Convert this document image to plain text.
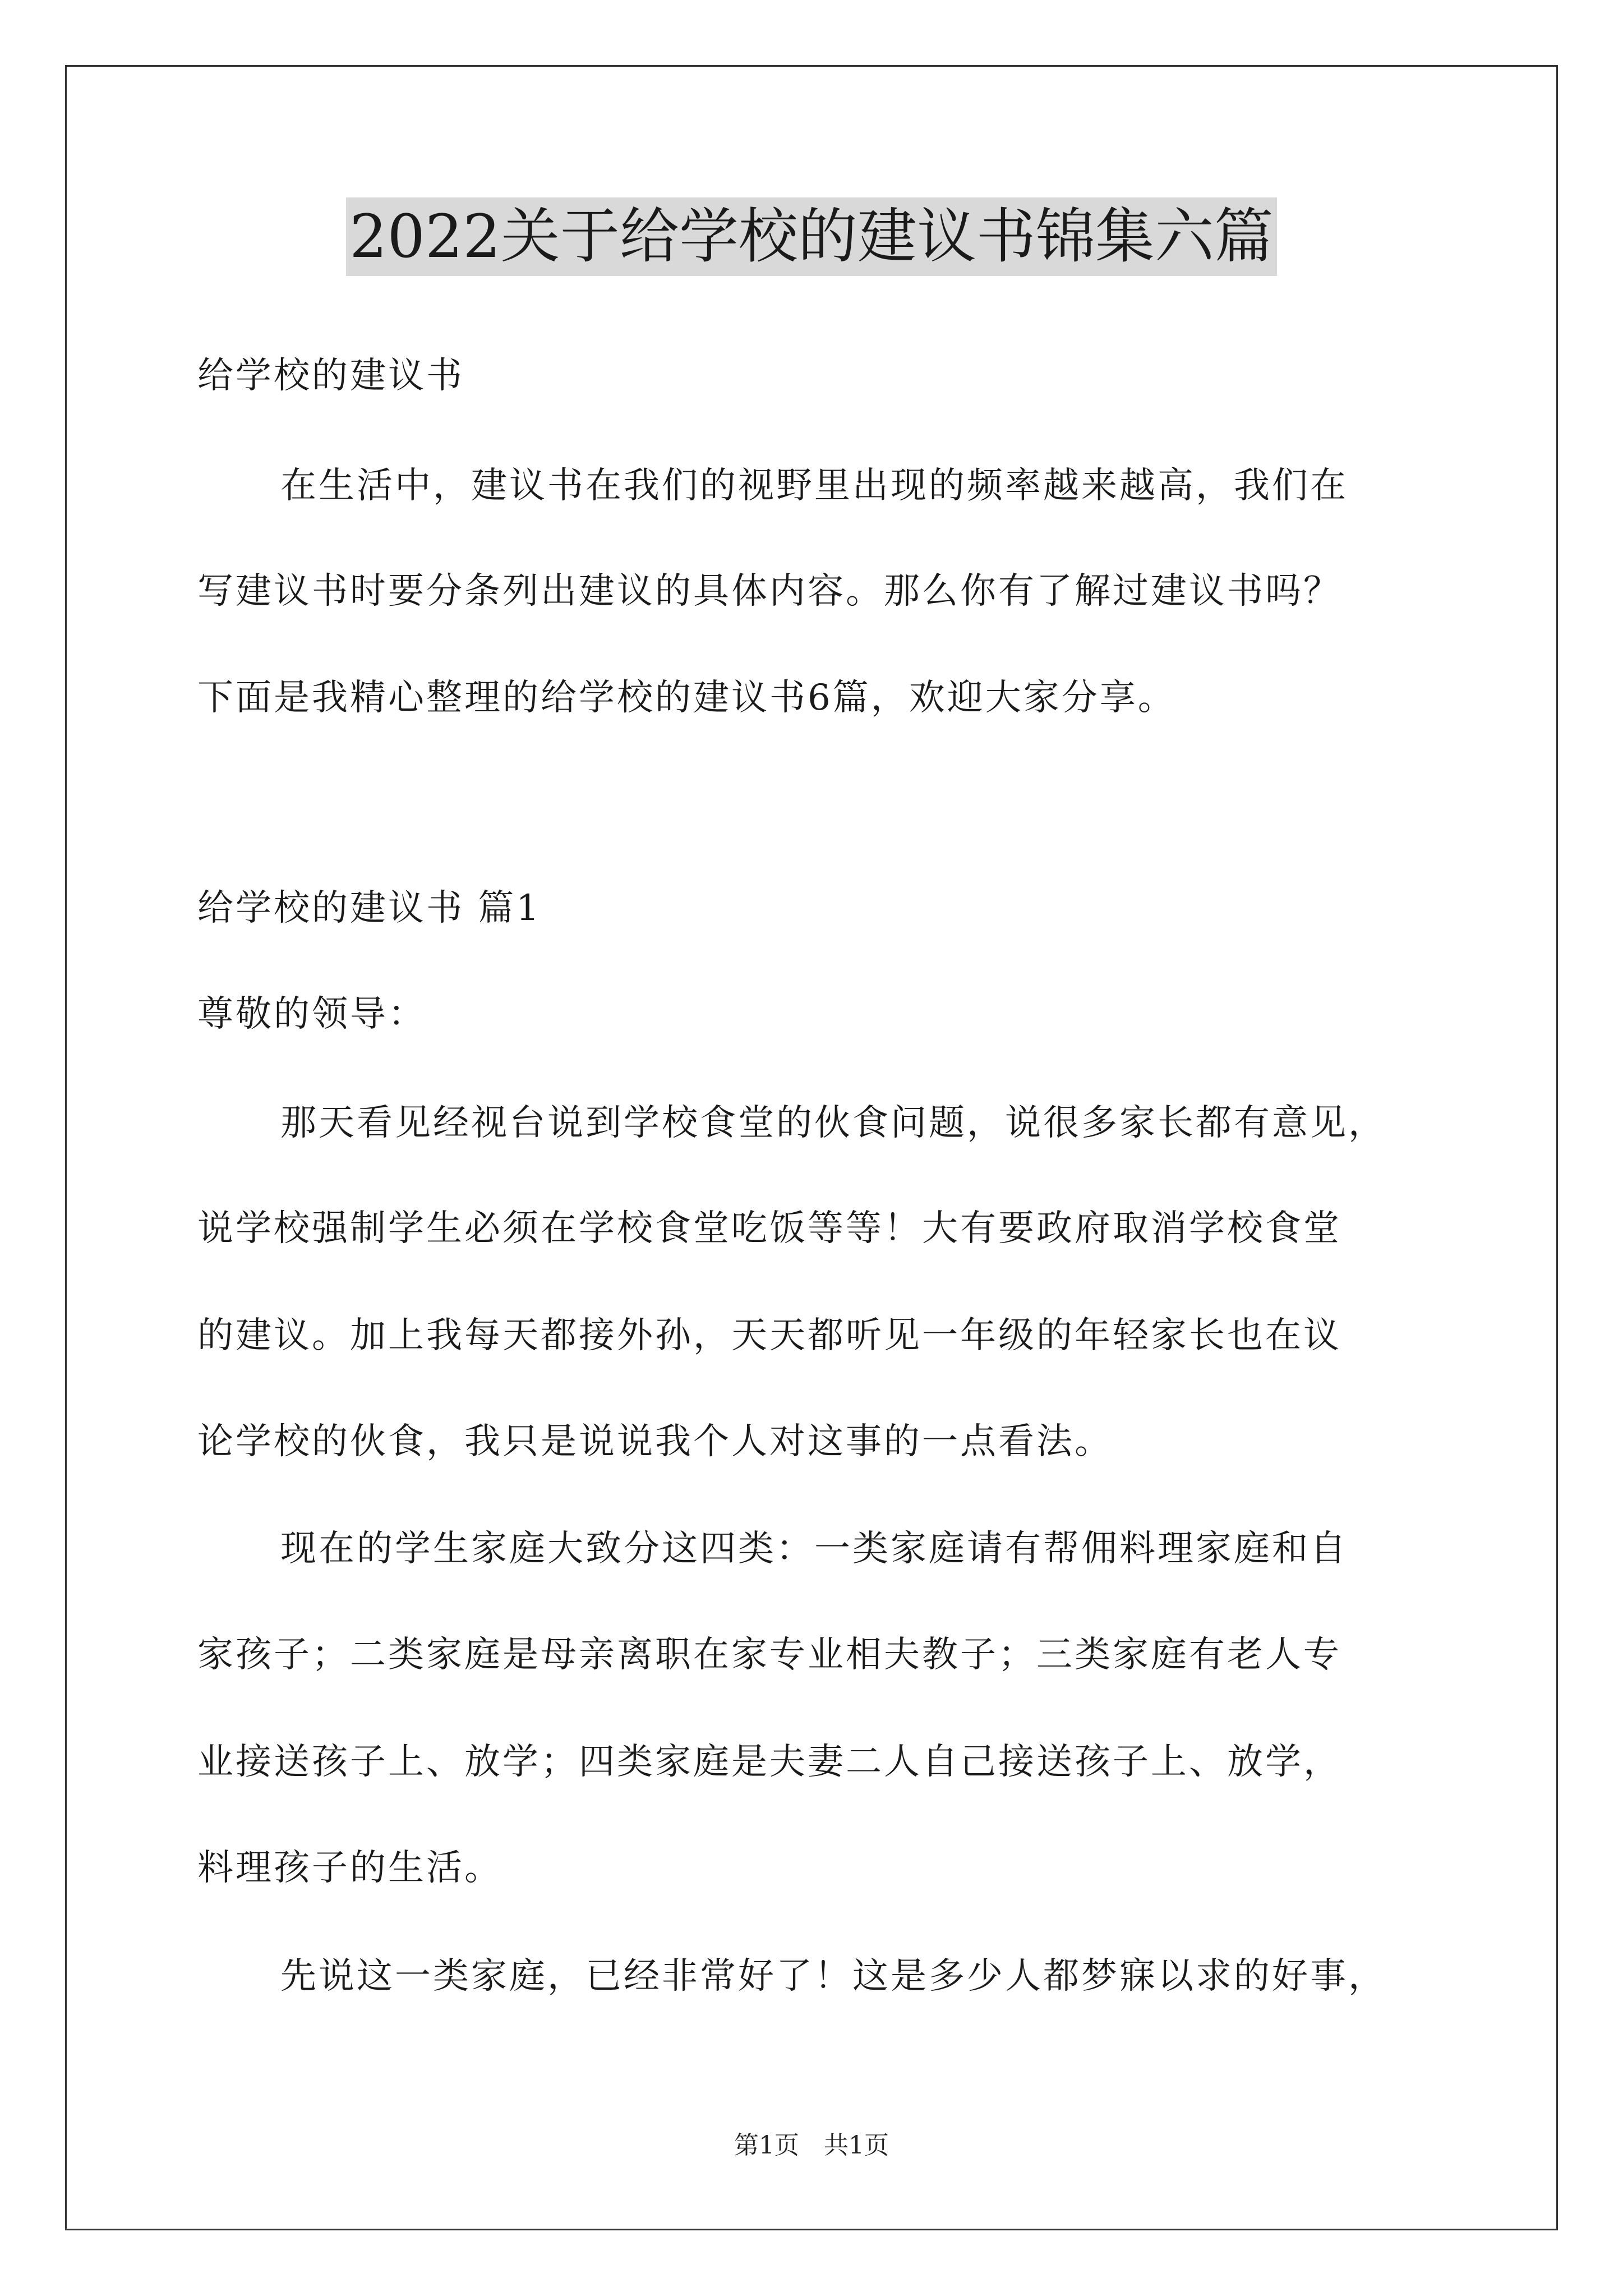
2022关于给学校的建议书锦集六篇
给学校的建议书
在生活中，建议书在我们的视野里出现的频率越来越高，我们在
写建议书时要分条列出建议的具体内容。那么你有了解过建议书吗？
下面是我精心整理的给学校的建议书6篇，欢迎大家分享。
给学校的建议书 篇1
尊敬的领导：
那天看见经视台说到学校食堂的伙食问题，说很多家长都有意见，
说学校强制学生必须在学校食堂吃饭等等！大有要政府取消学校食堂
的建议。加上我每天都接外孙，天天都听见一年级的年轻家长也在议
论学校的伙食，我只是说说我个人对这事的一点看法。
现在的学生家庭大致分这四类：一类家庭请有帮佣料理家庭和自
家孩子；二类家庭是母亲离职在家专业相夫教子；三类家庭有老人专
业接送孩子上、放学；四类家庭是夫妻二人自己接送孩子上、放学，
料理孩子的生活。
先说这一类家庭，已经非常好了！这是多少人都梦寐以求的好事，
第1页 共1页
